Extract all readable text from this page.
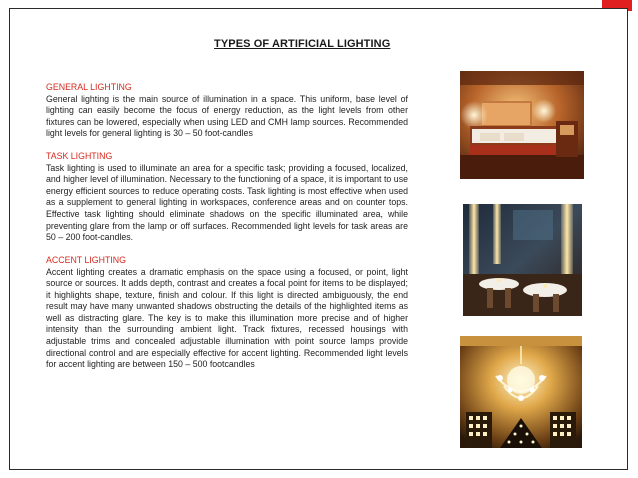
TYPES OF ARTIFICIAL LIGHTING
GENERAL LIGHTING
General lighting is the main source of illumination in a space. This uniform, base level of lighting can easily become the focus of energy reduction, as the light levels from other fixtures can be lowered, especially when using LED and CMH lamp sources. Recommended light levels for general lighting is 30 – 50 foot-candles
TASK LIGHTING
Task lighting is used to illuminate an area for a specific task; providing a focused, localized, and higher level of illumination. Necessary to the functioning of a space, it is important to use energy efficient sources to reduce operating costs. Task lighting is most effective when used as a supplement to general lighting in workspaces, conference areas and on counter tops. Effective task lighting should eliminate shadows on the specific illuminated area, while preventing glare from the lamp or off surfaces. Recommended light levels for task areas are 50 – 200 foot-candles.
ACCENT LIGHTING
Accent lighting creates a dramatic emphasis on the space using a focused, or point, light source or sources. It adds depth, contrast and creates a focal point for items to be displayed; it highlights shape, texture, finish and colour. If this light is directed ambiguously, the end result may have many unwanted shadows obstructing the details of the highlighted items as well as distracting glare. The key is to make this illumination more precise and of higher intensity than the surrounding ambient light. Track fixtures, recessed housings with adjustable trims and concealed adjustable illumination with point source lamps provide directional control and are especially effective for accent lighting. Recommended light levels for accent lighting are between 150 – 500 footcandles
